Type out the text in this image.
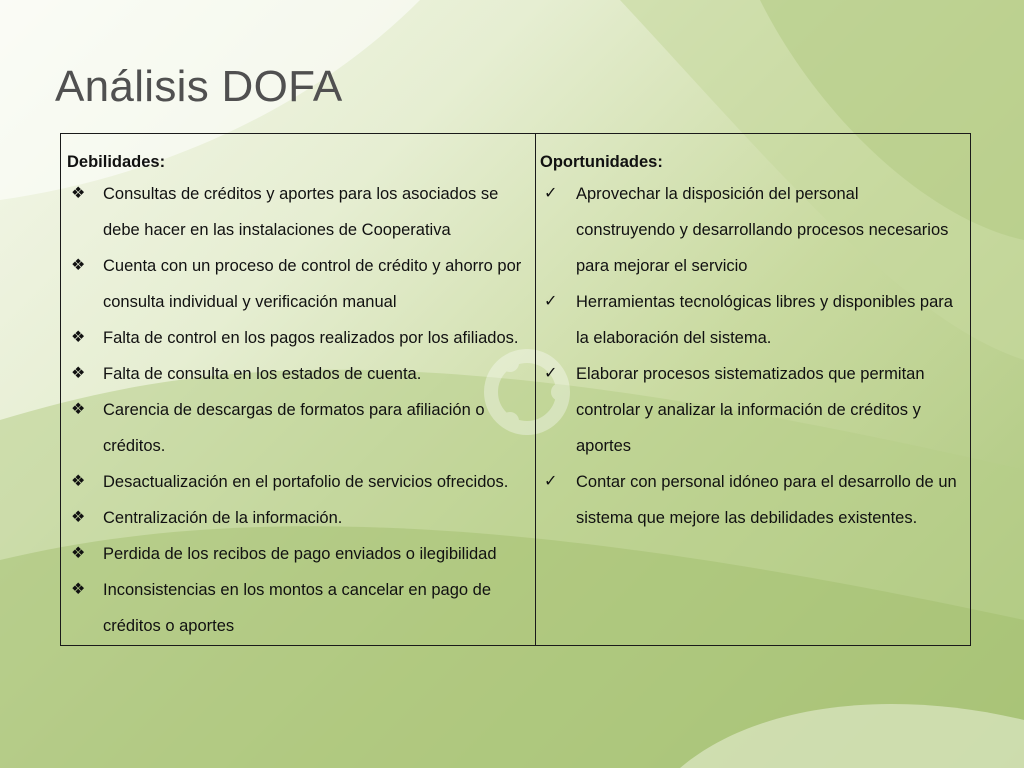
Análisis DOFA
Debilidades:
❖	Consultas de créditos y aportes para los asociados se debe hacer en las instalaciones de Cooperativa
❖	Cuenta con un proceso de control de crédito y ahorro por consulta individual y verificación manual
❖	Falta de control en los pagos realizados por los afiliados.
❖	Falta de consulta en los estados de cuenta.
❖	Carencia de descargas de formatos para afiliación o créditos.
❖	Desactualización en el portafolio de servicios ofrecidos.
❖	Centralización de la información.
❖	Perdida de los recibos de pago enviados o ilegibilidad
❖	Inconsistencias en los montos a cancelar en pago de créditos o aportes
Oportunidades:
✓	Aprovechar la disposición del personal construyendo y desarrollando procesos necesarios para mejorar el servicio
✓	Herramientas tecnológicas libres y disponibles para la elaboración del sistema.
✓	Elaborar procesos sistematizados que permitan controlar y analizar la información de créditos y aportes
✓	Contar con personal idóneo para el desarrollo de un sistema que mejore las debilidades existentes.
